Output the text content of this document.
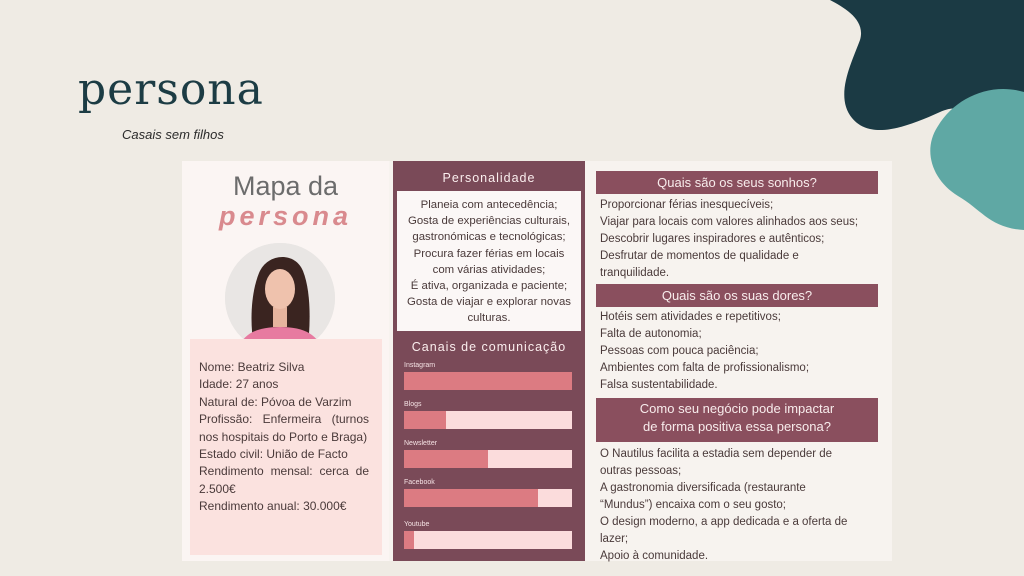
persona
Casais sem filhos
Mapa da
persona
Nome: Beatriz Silva
Idade: 27 anos
Natural de: Póvoa de Varzim
Profissão: Enfermeira (turnos nos hospitais do Porto e Braga)
Estado civil: União de Facto
Rendimento mensal: cerca de 2.500€
Rendimento anual: 30.000€
Personalidade
Planeia com antecedência;
Gosta de experiências culturais,
gastronómicas e tecnológicas;
Procura fazer férias em locais
com várias atividades;
É ativa, organizada e paciente;
Gosta de viajar e explorar novas
culturas.
Canais de comunicação
Instagram
Blogs
Newsletter
Facebook
Youtube
Quais são os seus sonhos?
Proporcionar férias inesquecíveis;
Viajar para locais com valores alinhados aos seus;
Descobrir lugares inspiradores e autênticos;
Desfrutar de momentos de qualidade e
tranquilidade.
Quais são os suas dores?
Hotéis sem atividades e repetitivos;
Falta de autonomia;
Pessoas com pouca paciência;
Ambientes com falta de profissionalismo;
Falsa sustentabilidade.
Como seu negócio pode impactar
de forma positiva essa persona?
O Nautilus facilita a estadia sem depender de
outras pessoas;
A gastronomia diversificada (restaurante
“Mundus”) encaixa com o seu gosto;
O design moderno, a app dedicada e a oferta de
lazer;
Apoio à comunidade.
